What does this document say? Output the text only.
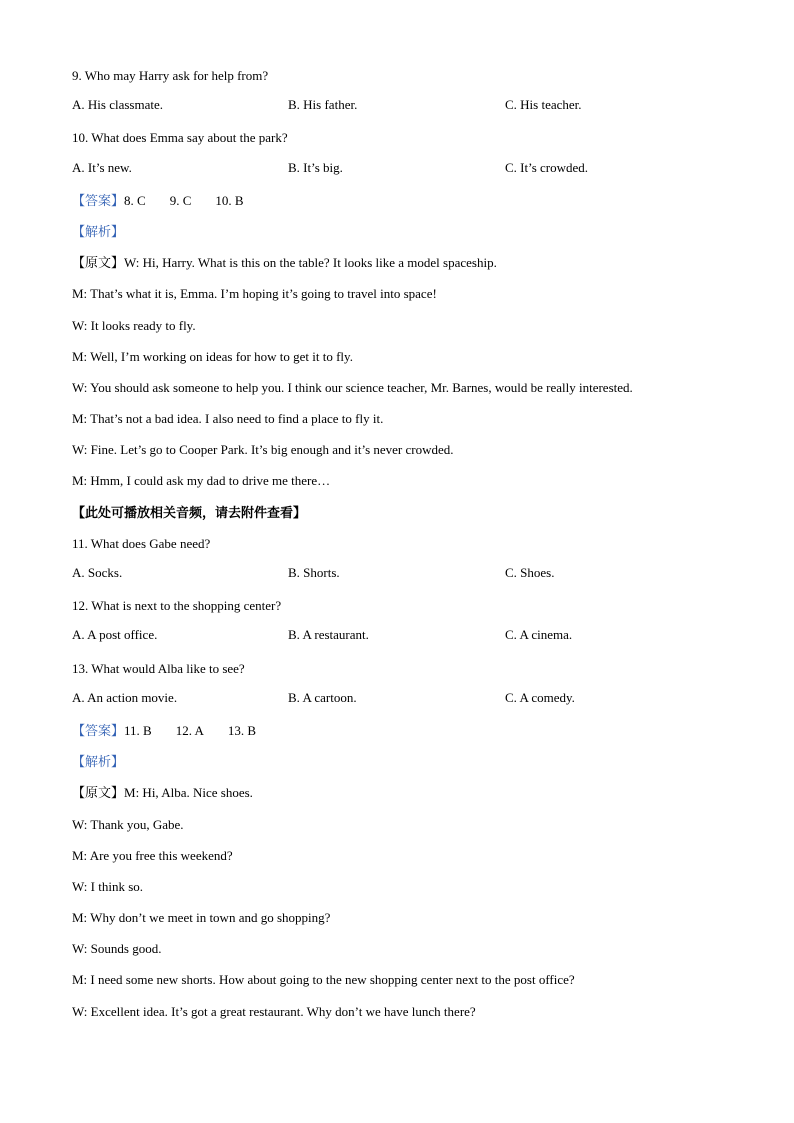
9. Who may Harry ask for help from?
A. His classmate.	B. His father.	C. His teacher.
10. What does Emma say about the park?
A. It’s new.	B. It’s big.	C. It’s crowded.
【答案】8. C 9. C 10. B
【解析】
【原文】W: Hi, Harry. What is this on the table? It looks like a model spaceship.
M: That’s what it is, Emma. I’m hoping it’s going to travel into space!
W: It looks ready to fly.
M: Well, I’m working on ideas for how to get it to fly.
W: You should ask someone to help you. I think our science teacher, Mr. Barnes, would be really interested.
M: That’s not a bad idea. I also need to find a place to fly it.
W: Fine. Let’s go to Cooper Park. It’s big enough and it’s never crowded.
M: Hmm, I could ask my dad to drive me there…
【此处可播放相关音频，请去附件查看】
11. What does Gabe need?
A. Socks.	B. Shorts.	C. Shoes.
12. What is next to the shopping center?
A. A post office.	B. A restaurant.	C. A cinema.
13. What would Alba like to see?
A. An action movie.	B. A cartoon.	C. A comedy.
【答案】11. B 12. A 13. B
【解析】
【原文】M: Hi, Alba. Nice shoes.
W: Thank you, Gabe.
M: Are you free this weekend?
W: I think so.
M: Why don’t we meet in town and go shopping?
W: Sounds good.
M: I need some new shorts. How about going to the new shopping center next to the post office?
W: Excellent idea. It’s got a great restaurant. Why don’t we have lunch there?
